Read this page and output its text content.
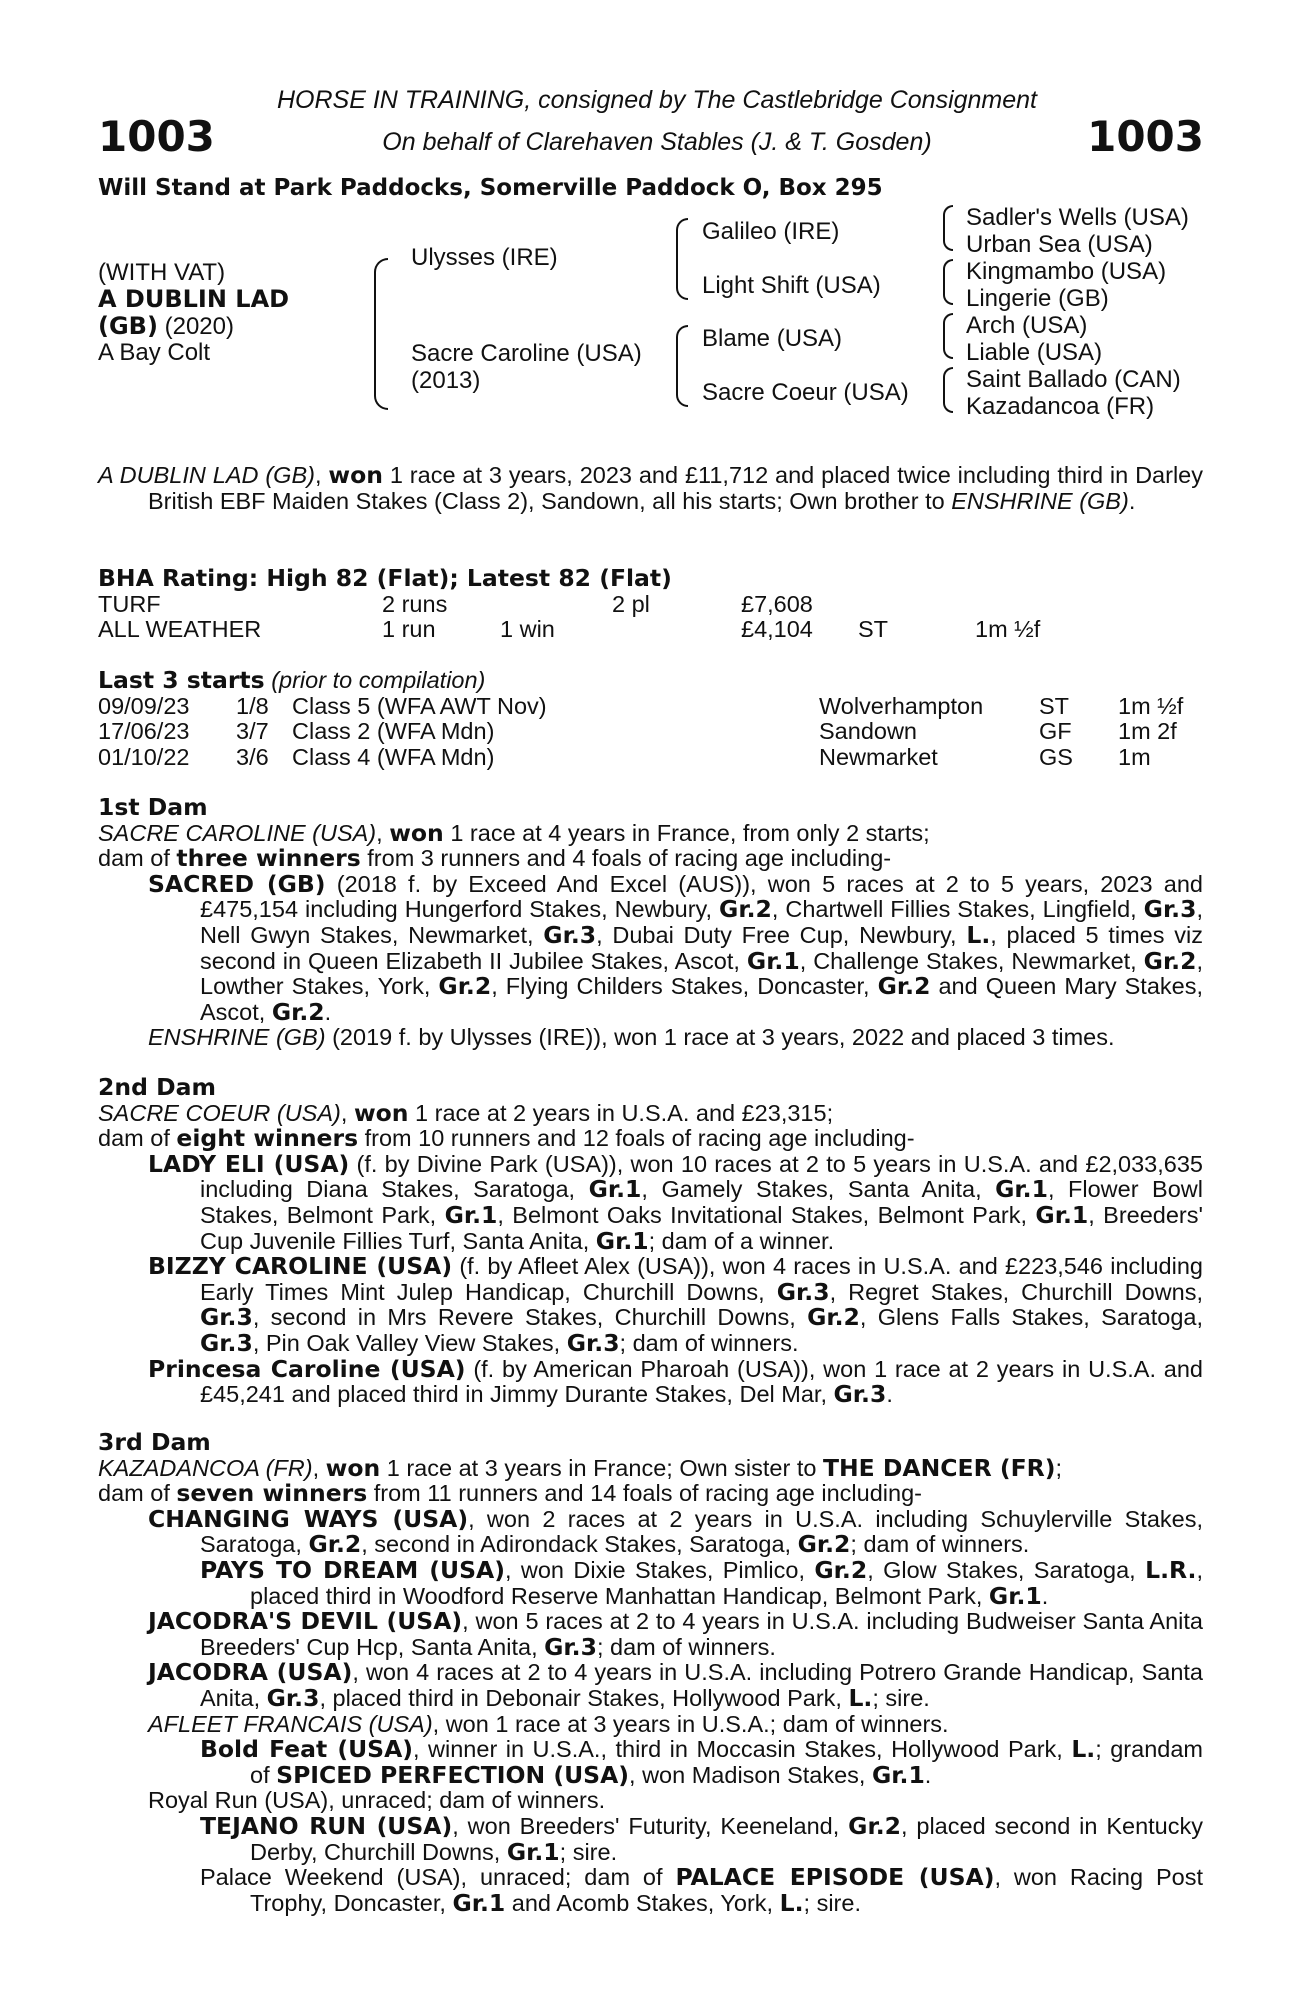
1003	1003
HORSE IN TRAINING, consigned by The Castlebridge Consignment
On behalf of Clarehaven Stables (J. & T. Gosden)
Will Stand at Park Paddocks, Somerville Paddock O, Box 295
(WITH VAT)
A DUBLIN LAD
(GB) (2020)
A Bay Colt
Ulysses (IRE)
Sacre Caroline (USA)
(2013)
Galileo (IRE)
Light Shift (USA)
Blame (USA)
Sacre Coeur (USA)
Sadler's Wells (USA)
Urban Sea (USA)
Kingmambo (USA)
Lingerie (GB)
Arch (USA)
Liable (USA)
Saint Ballado (CAN)
Kazadancoa (FR)

A DUBLIN LAD (GB), won 1 race at 3 years, 2023 and £11,712 and placed twice including third in Darley British EBF Maiden Stakes (Class 2), Sandown, all his starts; Own brother to ENSHRINE (GB).

BHA Rating: High 82 (Flat); Latest 82 (Flat)

TURF	2 runs	2 pl	£7,608
ALL WEATHER	1 run	1 win	£4,104 ST	1m ½f

Last 3 starts (prior to compilation)

09/09/23 1/8 Class 5 (WFA AWT Nov)	Wolverhampton ST 1m ½f
17/06/23 3/7 Class 2 (WFA Mdn)	Sandown	GF 1m 2f
01/10/22 3/6 Class 4 (WFA Mdn)	Newmarket	GS 1m

1st Dam

SACRE CAROLINE (USA), won 1 race at 4 years in France, from only 2 starts;

dam of three winners from 3 runners and 4 foals of racing age including-

SACRED (GB) (2018 f. by Exceed And Excel (AUS)), won 5 races at 2 to 5 years, 2023 and £475,154 including Hungerford Stakes, Newbury, Gr.2, Chartwell Fillies Stakes, Lingfield, Gr.3, Nell Gwyn Stakes, Newmarket, Gr.3, Dubai Duty Free Cup, Newbury, L., placed 5 times viz second in Queen Elizabeth II Jubilee Stakes, Ascot, Gr.1, Challenge Stakes, Newmarket, Gr.2, Lowther Stakes, York, Gr.2, Flying Childers Stakes, Doncaster, Gr.2 and Queen Mary Stakes, Ascot, Gr.2.

ENSHRINE (GB) (2019 f. by Ulysses (IRE)), won 1 race at 3 years, 2022 and placed 3 times.

2nd Dam

SACRE COEUR (USA), won 1 race at 2 years in U.S.A. and £23,315;

dam of eight winners from 10 runners and 12 foals of racing age including-

LADY ELI (USA) (f. by Divine Park (USA)), won 10 races at 2 to 5 years in U.S.A. and £2,033,635 including Diana Stakes, Saratoga, Gr.1, Gamely Stakes, Santa Anita, Gr.1, Flower Bowl Stakes, Belmont Park, Gr.1, Belmont Oaks Invitational Stakes, Belmont Park, Gr.1, Breeders' Cup Juvenile Fillies Turf, Santa Anita, Gr.1; dam of a winner.

BIZZY CAROLINE (USA) (f. by Afleet Alex (USA)), won 4 races in U.S.A. and £223,546 including Early Times Mint Julep Handicap, Churchill Downs, Gr.3, Regret Stakes, Churchill Downs, Gr.3, second in Mrs Revere Stakes, Churchill Downs, Gr.2, Glens Falls Stakes, Saratoga, Gr.3, Pin Oak Valley View Stakes, Gr.3; dam of winners.

Princesa Caroline (USA) (f. by American Pharoah (USA)), won 1 race at 2 years in U.S.A. and £45,241 and placed third in Jimmy Durante Stakes, Del Mar, Gr.3.

3rd Dam

KAZADANCOA (FR), won 1 race at 3 years in France; Own sister to THE DANCER (FR);

dam of seven winners from 11 runners and 14 foals of racing age including-

CHANGING WAYS (USA), won 2 races at 2 years in U.S.A. including Schuylerville Stakes, Saratoga, Gr.2, second in Adirondack Stakes, Saratoga, Gr.2; dam of winners.

PAYS TO DREAM (USA), won Dixie Stakes, Pimlico, Gr.2, Glow Stakes, Saratoga, L.R., placed third in Woodford Reserve Manhattan Handicap, Belmont Park, Gr.1.

JACODRA'S DEVIL (USA), won 5 races at 2 to 4 years in U.S.A. including Budweiser Santa Anita Breeders' Cup Hcp, Santa Anita, Gr.3; dam of winners.

JACODRA (USA), won 4 races at 2 to 4 years in U.S.A. including Potrero Grande Handicap, Santa Anita, Gr.3, placed third in Debonair Stakes, Hollywood Park, L.; sire.

AFLEET FRANCAIS (USA), won 1 race at 3 years in U.S.A.; dam of winners.

Bold Feat (USA), winner in U.S.A., third in Moccasin Stakes, Hollywood Park, L.; grandam of SPICED PERFECTION (USA), won Madison Stakes, Gr.1.

Royal Run (USA), unraced; dam of winners.

TEJANO RUN (USA), won Breeders' Futurity, Keeneland, Gr.2, placed second in Kentucky Derby, Churchill Downs, Gr.1; sire.

Palace Weekend (USA), unraced; dam of PALACE EPISODE (USA), won Racing Post Trophy, Doncaster, Gr.1 and Acomb Stakes, York, L.; sire.
